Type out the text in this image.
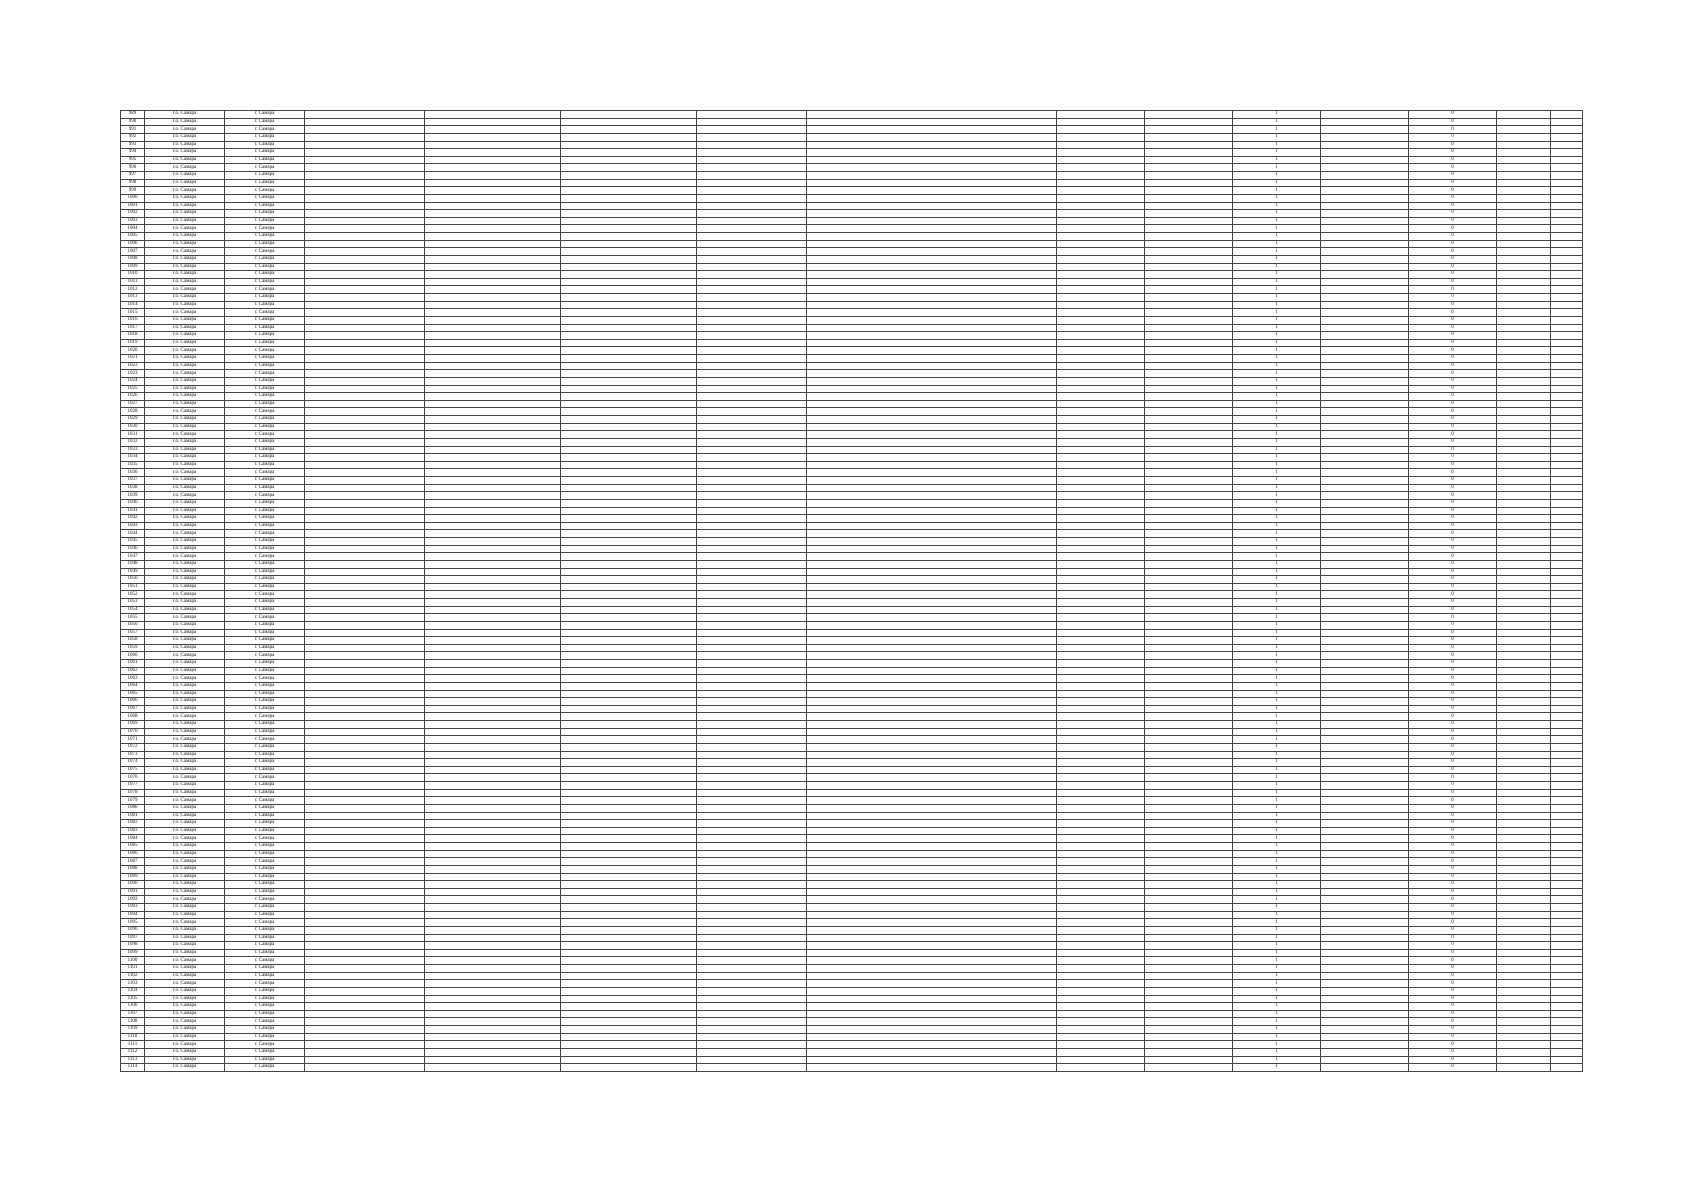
989	г.о. Самара	г. Самара								1		0		
990	г.о. Самара	г. Самара								1		0		
991	г.о. Самара	г. Самара								1		0		
992	г.о. Самара	г. Самара								1		0		
993	г.о. Самара	г. Самара								1		0		
994	г.о. Самара	г. Самара								1		0		
995	г.о. Самара	г. Самара								1		0		
996	г.о. Самара	г. Самара								1		0		
997	г.о. Самара	г. Самара								1		0		
998	г.о. Самара	г. Самара								1		0		
999	г.о. Самара	г. Самара								1		0		
1000	г.о. Самара	г. Самара								1		0		
1001	г.о. Самара	г. Самара								1		0		
1002	г.о. Самара	г. Самара								1		0		
1003	г.о. Самара	г. Самара								1		0		
1004	г.о. Самара	г. Самара								1		0		
1005	г.о. Самара	г. Самара								1		0		
1006	г.о. Самара	г. Самара								1		0		
1007	г.о. Самара	г. Самара								1		0		
1008	г.о. Самара	г. Самара								1		0		
1009	г.о. Самара	г. Самара								1		0		
1010	г.о. Самара	г. Самара								1		0		
1011	г.о. Самара	г. Самара								1		0		
1012	г.о. Самара	г. Самара								1		0		
1013	г.о. Самара	г. Самара								1		0		
1014	г.о. Самара	г. Самара								1		0		
1015	г.о. Самара	г. Самара								1		0		
1016	г.о. Самара	г. Самара								1		0		
1017	г.о. Самара	г. Самара								1		0		
1018	г.о. Самара	г. Самара								1		0		
1019	г.о. Самара	г. Самара								1		0		
1020	г.о. Самара	г. Самара								1		0		
1021	г.о. Самара	г. Самара								1		0		
1022	г.о. Самара	г. Самара								1		0		
1023	г.о. Самара	г. Самара								1		0		
1024	г.о. Самара	г. Самара								1		0		
1025	г.о. Самара	г. Самара								1		0		
1026	г.о. Самара	г. Самара								1		0		
1027	г.о. Самара	г. Самара								1		0		
1028	г.о. Самара	г. Самара								1		0		
1029	г.о. Самара	г. Самара								1		0		
1030	г.о. Самара	г. Самара								1		0		
1031	г.о. Самара	г. Самара								1		0		
1032	г.о. Самара	г. Самара								1		0		
1033	г.о. Самара	г. Самара								1		0		
1034	г.о. Самара	г. Самара								1		0		
1035	г.о. Самара	г. Самара								1		0		
1036	г.о. Самара	г. Самара								1		0		
1037	г.о. Самара	г. Самара								1		0		
1038	г.о. Самара	г. Самара								1		0		
1039	г.о. Самара	г. Самара								1		0		
1040	г.о. Самара	г. Самара								1		0		
1041	г.о. Самара	г. Самара								1		0		
1042	г.о. Самара	г. Самара								1		0		
1043	г.о. Самара	г. Самара								1		0		
1044	г.о. Самара	г. Самара								1		0		
1045	г.о. Самара	г. Самара								1		0		
1046	г.о. Самара	г. Самара								1		0		
1047	г.о. Самара	г. Самара								1		0		
1048	г.о. Самара	г. Самара								1		0		
1049	г.о. Самара	г. Самара								1		0		
1050	г.о. Самара	г. Самара								1		0		
1051	г.о. Самара	г. Самара								1		0		
1052	г.о. Самара	г. Самара								1		0		
1053	г.о. Самара	г. Самара								1		0		
1054	г.о. Самара	г. Самара								1		0		
1055	г.о. Самара	г. Самара								1		0		
1056	г.о. Самара	г. Самара								1		0		
1057	г.о. Самара	г. Самара								1		0		
1058	г.о. Самара	г. Самара								1		0		
1059	г.о. Самара	г. Самара								1		0		
1060	г.о. Самара	г. Самара								1		0		
1061	г.о. Самара	г. Самара								1		0		
1062	г.о. Самара	г. Самара								1		0		
1063	г.о. Самара	г. Самара								1		0		
1064	г.о. Самара	г. Самара								1		0		
1065	г.о. Самара	г. Самара								1		0		
1066	г.о. Самара	г. Самара								1		0		
1067	г.о. Самара	г. Самара								1		0		
1068	г.о. Самара	г. Самара								1		0		
1069	г.о. Самара	г. Самара								1		0		
1070	г.о. Самара	г. Самара								1		0		
1071	г.о. Самара	г. Самара								1		0		
1072	г.о. Самара	г. Самара								1		0		
1073	г.о. Самара	г. Самара								1		0		
1074	г.о. Самара	г. Самара								1		0		
1075	г.о. Самара	г. Самара								1		0		
1076	г.о. Самара	г. Самара								1		0		
1077	г.о. Самара	г. Самара								1		0		
1078	г.о. Самара	г. Самара								1		0		
1079	г.о. Самара	г. Самара								1		0		
1080	г.о. Самара	г. Самара								1		0		
1081	г.о. Самара	г. Самара								1		0		
1082	г.о. Самара	г. Самара								1		0		
1083	г.о. Самара	г. Самара								1		0		
1084	г.о. Самара	г. Самара								1		0		
1085	г.о. Самара	г. Самара								1		0		
1086	г.о. Самара	г. Самара								1		0		
1087	г.о. Самара	г. Самара								1		0		
1088	г.о. Самара	г. Самара								1		0		
1089	г.о. Самара	г. Самара								1		0		
1090	г.о. Самара	г. Самара								1		0		
1091	г.о. Самара	г. Самара								1		0		
1092	г.о. Самара	г. Самара								1		0		
1093	г.о. Самара	г. Самара								1		0		
1094	г.о. Самара	г. Самара								1		0		
1095	г.о. Самара	г. Самара								1		0		
1096	г.о. Самара	г. Самара								1		0		
1097	г.о. Самара	г. Самара								1		0		
1098	г.о. Самара	г. Самара								1		0		
1099	г.о. Самара	г. Самара								1		0		
1100	г.о. Самара	г. Самара								1		0		
1101	г.о. Самара	г. Самара								1		0		
1102	г.о. Самара	г. Самара								1		0		
1103	г.о. Самара	г. Самара								1		0		
1104	г.о. Самара	г. Самара								1		0		
1105	г.о. Самара	г. Самара								1		0		
1106	г.о. Самара	г. Самара								1		0		
1107	г.о. Самара	г. Самара								1		0		
1108	г.о. Самара	г. Самара								1		0		
1109	г.о. Самара	г. Самара								1		0		
1110	г.о. Самара	г. Самара								1		0		
1111	г.о. Самара	г. Самара								1		0		
1112	г.о. Самара	г. Самара								1		0		
1113	г.о. Самара	г. Самара								1		0		
1114	г.о. Самара	г. Самара								1		0		
